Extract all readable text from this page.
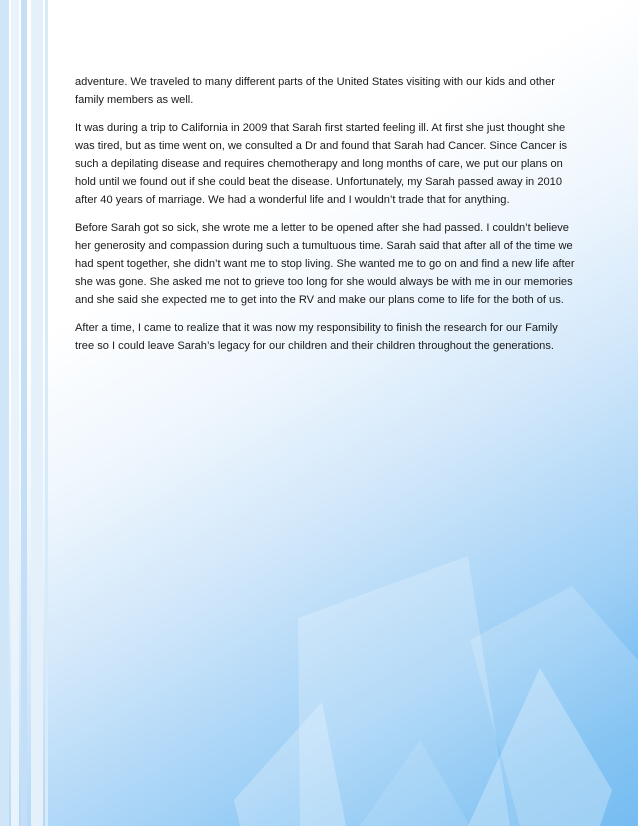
adventure. We traveled to many different parts of the United States visiting with our kids and other family members as well.

It was during a trip to California in 2009 that Sarah first started feeling ill. At first she just thought she was tired, but as time went on, we consulted a Dr and found that Sarah had Cancer. Since Cancer is such a depilating disease and requires chemotherapy and long months of care, we put our plans on hold until we found out if she could beat the disease. Unfortunately, my Sarah passed away in 2010 after 40 years of marriage. We had a wonderful life and I wouldn’t trade that for anything.

Before Sarah got so sick, she wrote me a letter to be opened after she had passed. I couldn’t believe her generosity and compassion during such a tumultuous time. Sarah said that after all of the time we had spent together, she didn’t want me to stop living. She wanted me to go on and find a new life after she was gone. She asked me not to grieve too long for she would always be with me in our memories and she said she expected me to get into the RV and make our plans come to life for the both of us.

After a time, I came to realize that it was now my responsibility to finish the research for our Family tree so I could leave Sarah’s legacy for our children and their children throughout the generations.
